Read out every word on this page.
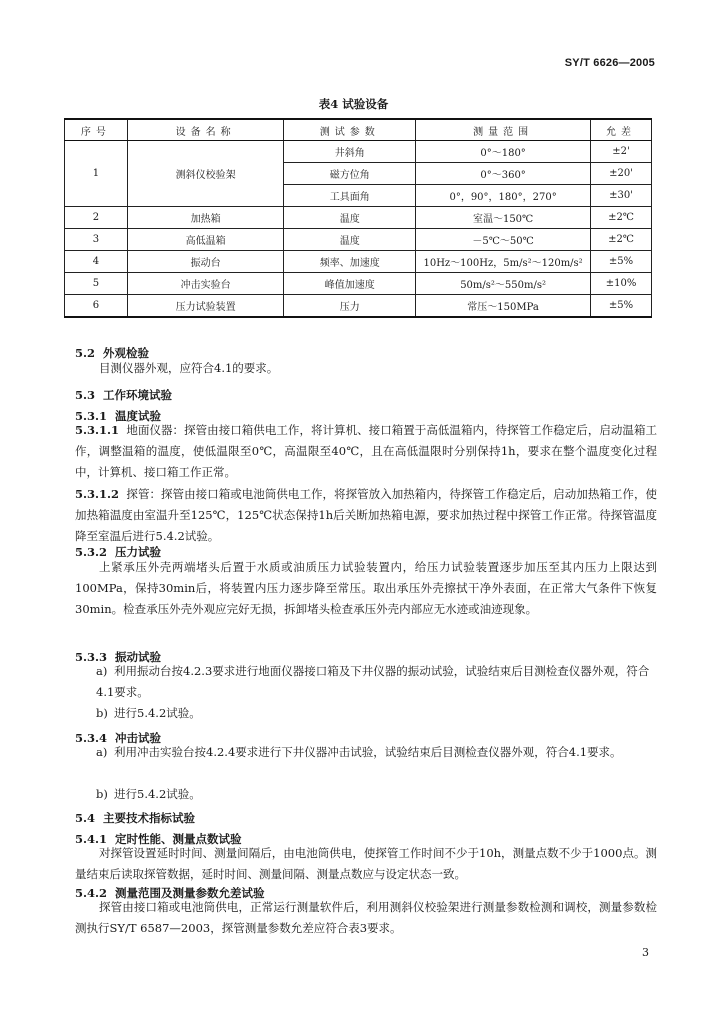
SY/T 6626—2005
表4 试验设备
序号	设备名称	测试参数	测量范围	允差
1	测斜仪校验架	井斜角	0°～180°	±2'
		磁方位角	0°～360°	±20'
		工具面角	0°，90°，180°，270°	±30'
2	加热箱	温度	室温～150℃	±2℃
3	高低温箱	温度	－5℃～50℃	±2℃
4	振动台	频率、加速度	10Hz～100Hz，5m/s²～120m/s²	±5%
5	冲击实验台	峰值加速度	50m/s²～550m/s²	±10%
6	压力试验装置	压力	常压～150MPa	±5%
5.2 外观检验
目测仪器外观，应符合4.1的要求。
5.3 工作环境试验
5.3.1 温度试验
5.3.1.1 地面仪器：探管由接口箱供电工作，将计算机、接口箱置于高低温箱内，待探管工作稳定后，启动温箱工作，调整温箱的温度，使低温限至0℃，高温限至40℃，且在高低温限时分别保持1h，要求在整个温度变化过程中，计算机、接口箱工作正常。
5.3.1.2 探管：探管由接口箱或电池筒供电工作，将探管放入加热箱内，待探管工作稳定后，启动加热箱工作，使加热箱温度由室温升至125℃，125℃状态保持1h后关断加热箱电源，要求加热过程中探管工作正常。待探管温度降至室温后进行5.4.2试验。
5.3.2 压力试验
上紧承压外壳两端堵头后置于水质或油质压力试验装置内，给压力试验装置逐步加压至其内压力上限达到100MPa，保持30min后，将装置内压力逐步降至常压。取出承压外壳擦拭干净外表面，在正常大气条件下恢复30min。检查承压外壳外观应完好无损，拆卸堵头检查承压外壳内部应无水迹或油迹现象。
5.3.3 振动试验
a) 利用振动台按4.2.3要求进行地面仪器接口箱及下井仪器的振动试验，试验结束后目测检查仪器外观，符合4.1要求。
b) 进行5.4.2试验。
5.3.4 冲击试验
a) 利用冲击实验台按4.2.4要求进行下井仪器冲击试验，试验结束后目测检查仪器外观，符合4.1要求。
b) 进行5.4.2试验。
5.4 主要技术指标试验
5.4.1 定时性能、测量点数试验
对探管设置延时时间、测量间隔后，由电池筒供电，使探管工作时间不少于10h，测量点数不少于1000点。测量结束后读取探管数据，延时时间、测量间隔、测量点数应与设定状态一致。
5.4.2 测量范围及测量参数允差试验
探管由接口箱或电池筒供电，正常运行测量软件后，利用测斜仪校验架进行测量参数检测和调校，测量参数检测执行SY/T 6587—2003，探管测量参数允差应符合表3要求。
3
